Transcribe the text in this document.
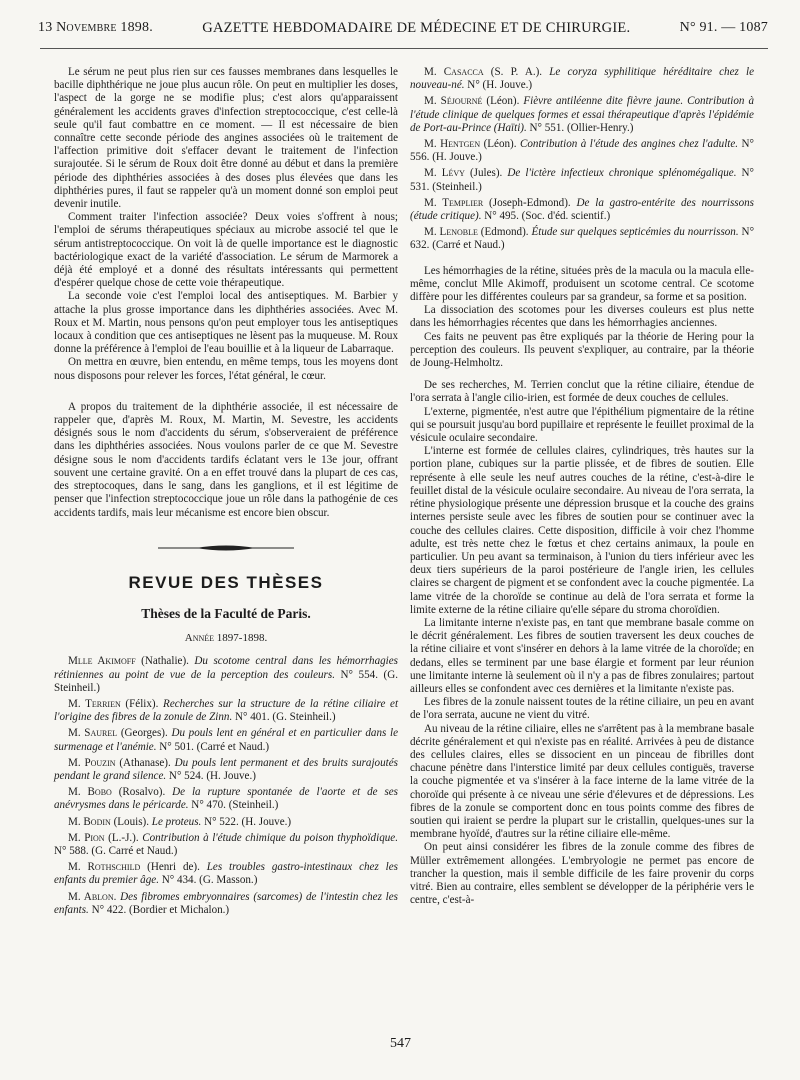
13 Novembre 1898.	GAZETTE HEBDOMADAIRE DE MÉDECINE ET DE CHIRURGIE.	N° 91. — 1087

Le sérum ne peut plus rien sur ces fausses membranes dans lesquelles le bacille diphthérique ne joue plus aucun rôle. On peut en multiplier les doses, l'aspect de la gorge ne se modifie plus; c'est alors qu'apparaissent généralement les accidents graves d'infection streptococcique, c'est celle-là seule qu'il faut combattre en ce moment. — Il est nécessaire de bien connaître cette seconde période des angines associées où le traitement de l'affection primitive doit s'effacer devant le traitement de l'infection surajoutée. Si le sérum de Roux doit être donné au début et dans la première période des diphthéries associées à des doses plus élevées que dans les diphthéries pures, il faut se rappeler qu'à un moment donné son emploi peut devenir inutile.

Comment traiter l'infection associée? Deux voies s'offrent à nous; l'emploi de sérums thérapeutiques spéciaux au microbe associé tel que le sérum antistreptococcique. On voit là de quelle importance est le diagnostic bactériologique exact de la variété d'association. Le sérum de Marmorek a déjà été employé et a donné des résultats intéressants qui permettent d'espérer quelque chose de cette voie thérapeutique.

La seconde voie c'est l'emploi local des antiseptiques. M. Barbier y attache la plus grosse importance dans les diphthéries associées. Avec M. Roux et M. Martin, nous pensons qu'on peut employer tous les antiseptiques locaux à condition que ces antiseptiques ne lèsent pas la muqueuse. M. Roux donne la préférence à l'emploi de l'eau bouillie et à la liqueur de Labarraque.

On mettra en œuvre, bien entendu, en même temps, tous les moyens dont nous disposons pour relever les forces, l'état général, le cœur.

A propos du traitement de la diphthérie associée, il est nécessaire de rappeler que, d'après M. Roux, M. Martin, M. Sevestre, les accidents désignés sous le nom d'accidents du sérum, s'observeraient de préférence dans les diphthéries associées. Nous voulons parler de ce que M. Sevestre désigne sous le nom d'accidents tardifs éclatant vers le 13e jour, offrant souvent une certaine gravité. On a en effet trouvé dans la plupart de ces cas, des streptocoques, dans le sang, dans les ganglions, et il est légitime de penser que l'infection streptococcique joue un rôle dans la pathogénie de ces accidents tardifs, mais leur mécanisme est encore bien obscur.

REVUE DES THÈSES

Thèses de la Faculté de Paris.

Année 1897-1898.

Mlle Akimoff (Nathalie). Du scotome central dans les hémorrhagies rétiniennes au point de vue de la perception des couleurs. N° 554. (G. Steinheil.)

M. Terrien (Félix). Recherches sur la structure de la rétine ciliaire et l'origine des fibres de la zonule de Zinn. N° 401. (G. Steinheil.)

M. Saurel (Georges). Du pouls lent en général et en particulier dans le surmenage et l'anémie. N° 501. (Carré et Naud.)

M. Pouzin (Athanase). Du pouls lent permanent et des bruits surajoutés pendant le grand silence. N° 524. (H. Jouve.)

M. Bobo (Rosalvo). De la rupture spontanée de l'aorte et de ses anévrysmes dans le péricarde. N° 470. (Steinheil.)

M. Bodin (Louis). Le proteus. N° 522. (H. Jouve.)

M. Pion (L.-J.). Contribution à l'étude chimique du poison thyphoïdique. N° 588. (G. Carré et Naud.)

M. Rothschild (Henri de). Les troubles gastro-intestinaux chez les enfants du premier âge. N° 434. (G. Masson.)

M. Ablon. Des fibromes embryonnaires (sarcomes) de l'intestin chez les enfants. N° 422. (Bordier et Michalon.)

M. Casacca (S. P. A.). Le coryza syphilitique héréditaire chez le nouveau-né. N° (H. Jouve.)

M. Séjourné (Léon). Fièvre antiléenne dite fièvre jaune. Contribution à l'étude clinique de quelques formes et essai thérapeutique d'après l'épidémie de Port-au-Prince (Haïti). N° 551. (Ollier-Henry.)

M. Hentgen (Léon). Contribution à l'étude des angines chez l'adulte. N° 556. (H. Jouve.)

M. Lévy (Jules). De l'ictère infectieux chronique splénomégalique. N° 531. (Steinheil.)

M. Templier (Joseph-Edmond). De la gastro-entérite des nourrissons (étude critique). N° 495. (Soc. d'éd. scientif.)

M. Lenoble (Edmond). Étude sur quelques septicémies du nourrisson. N° 632. (Carré et Naud.)

Les hémorrhagies de la rétine, situées près de la macula ou la macula elle-même, conclut Mlle Akimoff, produisent un scotome central. Ce scotome diffère pour les différentes couleurs par sa grandeur, sa forme et sa position.

La dissociation des scotomes pour les diverses couleurs est plus nette dans les hémorrhagies récentes que dans les hémorrhagies anciennes.

Ces faits ne peuvent pas être expliqués par la théorie de Hering pour la perception des couleurs. Ils peuvent s'expliquer, au contraire, par la théorie de Joung-Helmholtz.

De ses recherches, M. Terrien conclut que la rétine ciliaire, étendue de l'ora serrata à l'angle cilio-irien, est formée de deux couches de cellules.

L'externe, pigmentée, n'est autre que l'épithélium pigmentaire de la rétine qui se poursuit jusqu'au bord pupillaire et représente le feuillet proximal de la vésicule oculaire secondaire.

L'interne est formée de cellules claires, cylindriques, très hautes sur la portion plane, cubiques sur la partie plissée, et de fibres de soutien. Elle représente à elle seule les neuf autres couches de la rétine, c'est-à-dire le feuillet distal de la vésicule oculaire secondaire. Au niveau de l'ora serrata, la rétine physiologique présente une dépression brusque et la couche des grains internes persiste seule avec les fibres de soutien pour se continuer avec la couche des cellules claires. Cette disposition, difficile à voir chez l'homme adulte, est très nette chez le fœtus et chez certains animaux, la poule en particulier. Un peu avant sa terminaison, à l'union du tiers inférieur avec les deux tiers supérieurs de la paroi postérieure de l'angle irien, les cellules claires se chargent de pigment et se confondent avec la couche pigmentée. La lame vitrée de la choroïde se continue au delà de l'ora serrata et forme la limite externe de la rétine ciliaire qu'elle sépare du stroma choroïdien.

La limitante interne n'existe pas, en tant que membrane basale comme on le décrit généralement. Les fibres de soutien traversent les deux couches de la rétine ciliaire et vont s'insérer en dehors à la lame vitrée de la choroïde; en dedans, elles se terminent par une base élargie et forment par leur réunion une limitante interne là seulement où il n'y a pas de fibres zonulaires; partout ailleurs elles se confondent avec ces dernières et la limitante n'existe pas.

Les fibres de la zonule naissent toutes de la rétine ciliaire, un peu en avant de l'ora serrata, aucune ne vient du vitré.

Au niveau de la rétine ciliaire, elles ne s'arrêtent pas à la membrane basale décrite généralement et qui n'existe pas en réalité. Arrivées à peu de distance des cellules claires, elles se dissocient en un pinceau de fibrilles dont chacune pénètre dans l'interstice limité par deux cellules contiguës, traverse la couche pigmentée et va s'insérer à la face interne de la lame vitrée de la choroïde qui présente à ce niveau une série d'élevures et de dépressions. Les fibres de la zonule se comportent donc en tous points comme des fibres de soutien qui iraient se perdre la plupart sur le cristallin, quelques-unes sur la membrane hyoïdé, d'autres sur la rétine ciliaire elle-même.

On peut ainsi considérer les fibres de la zonule comme des fibres de Müller extrêmement allongées. L'embryologie ne permet pas encore de trancher la question, mais il semble difficile de les faire provenir du corps vitré. Bien au contraire, elles semblent se développer de la périphérie vers le centre, c'est-à-

547
